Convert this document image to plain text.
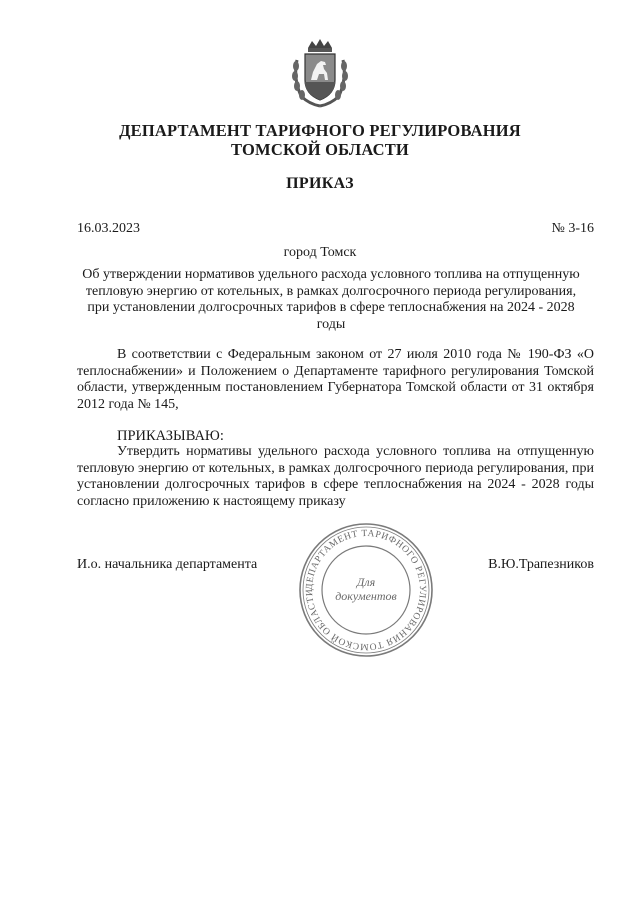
ДЕПАРТАМЕНТ ТАРИФНОГО РЕГУЛИРОВАНИЯ
ТОМСКОЙ ОБЛАСТИ
ПРИКАЗ
16.03.2023	№ 3-16
город Томск
Об утверждении нормативов удельного расхода условного топлива на отпущенную тепловую энергию от котельных, в рамках долгосрочного периода регулирования, при установлении долгосрочных тарифов в сфере теплоснабжения на 2024 - 2028 годы
В соответствии с Федеральным законом от 27 июля 2010 года № 190-ФЗ «О теплоснабжении» и Положением о Департаменте тарифного регулирования Томской области, утвержденным постановлением Губернатора Томской области от 31 октября 2012 года № 145,
ПРИКАЗЫВАЮ:
Утвердить нормативы удельного расхода условного топлива на отпущенную тепловую энергию от котельных, в рамках долгосрочного периода регулирования, при установлении долгосрочных тарифов в сфере теплоснабжения на 2024 - 2028 годы согласно приложению к настоящему приказу
И.о. начальника департамента	В.Ю.Трапезников
ДЕПАРТАМЕНТ ТАРИФНОГО РЕГУЛИРОВАНИЯ ТОМСКОЙ ОБЛАСТИ
Для
документов
